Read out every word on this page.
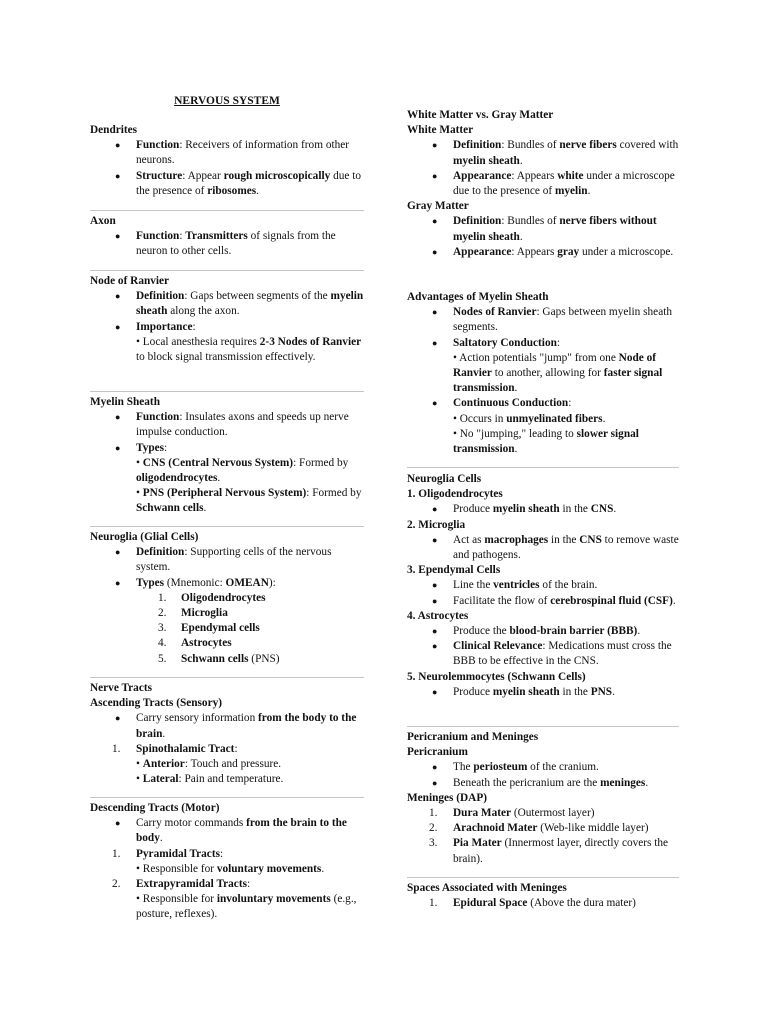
NERVOUS SYSTEM
Dendrites
●	Function: Receivers of information from other neurons.
●	Structure: Appear rough microscopically due to the presence of ribosomes.
Axon
●	Function: Transmitters of signals from the neuron to other cells.
Node of Ranvier
●	Definition: Gaps between segments of the myelin sheath along the axon.
●	Importance:
• Local anesthesia requires 2-3 Nodes of Ranvier to block signal transmission effectively.
Myelin Sheath
●	Function: Insulates axons and speeds up nerve impulse conduction.
●	Types:
• CNS (Central Nervous System): Formed by oligodendrocytes.
• PNS (Peripheral Nervous System): Formed by Schwann cells.
Neuroglia (Glial Cells)
●	Definition: Supporting cells of the nervous system.
●	Types (Mnemonic: OMEAN):
1.	Oligodendrocytes
2.	Microglia
3.	Ependymal cells
4.	Astrocytes
5.	Schwann cells (PNS)
Nerve Tracts
Ascending Tracts (Sensory)
●	Carry sensory information from the body to the brain.
1.	Spinothalamic Tract:
• Anterior: Touch and pressure.
• Lateral: Pain and temperature.
Descending Tracts (Motor)
●	Carry motor commands from the brain to the body.
1.	Pyramidal Tracts:
• Responsible for voluntary movements.
2.	Extrapyramidal Tracts:
• Responsible for involuntary movements (e.g., posture, reflexes).
White Matter vs. Gray Matter
White Matter
●	Definition: Bundles of nerve fibers covered with myelin sheath.
●	Appearance: Appears white under a microscope due to the presence of myelin.
Gray Matter
●	Definition: Bundles of nerve fibers without myelin sheath.
●	Appearance: Appears gray under a microscope.
Advantages of Myelin Sheath
●	Nodes of Ranvier: Gaps between myelin sheath segments.
●	Saltatory Conduction:
• Action potentials "jump" from one Node of Ranvier to another, allowing for faster signal transmission.
●	Continuous Conduction:
• Occurs in unmyelinated fibers.
• No "jumping," leading to slower signal transmission.
Neuroglia Cells
1. Oligodendrocytes
●	Produce myelin sheath in the CNS.
2. Microglia
●	Act as macrophages in the CNS to remove waste and pathogens.
3. Ependymal Cells
●	Line the ventricles of the brain.
●	Facilitate the flow of cerebrospinal fluid (CSF).
4. Astrocytes
●	Produce the blood-brain barrier (BBB).
●	Clinical Relevance: Medications must cross the BBB to be effective in the CNS.
5. Neurolemmocytes (Schwann Cells)
●	Produce myelin sheath in the PNS.
Pericranium and Meninges
Pericranium
●	The periosteum of the cranium.
●	Beneath the pericranium are the meninges.
Meninges (DAP)
1.	Dura Mater (Outermost layer)
2.	Arachnoid Mater (Web-like middle layer)
3.	Pia Mater (Innermost layer, directly covers the brain).
Spaces Associated with Meninges
1.	Epidural Space (Above the dura mater)
